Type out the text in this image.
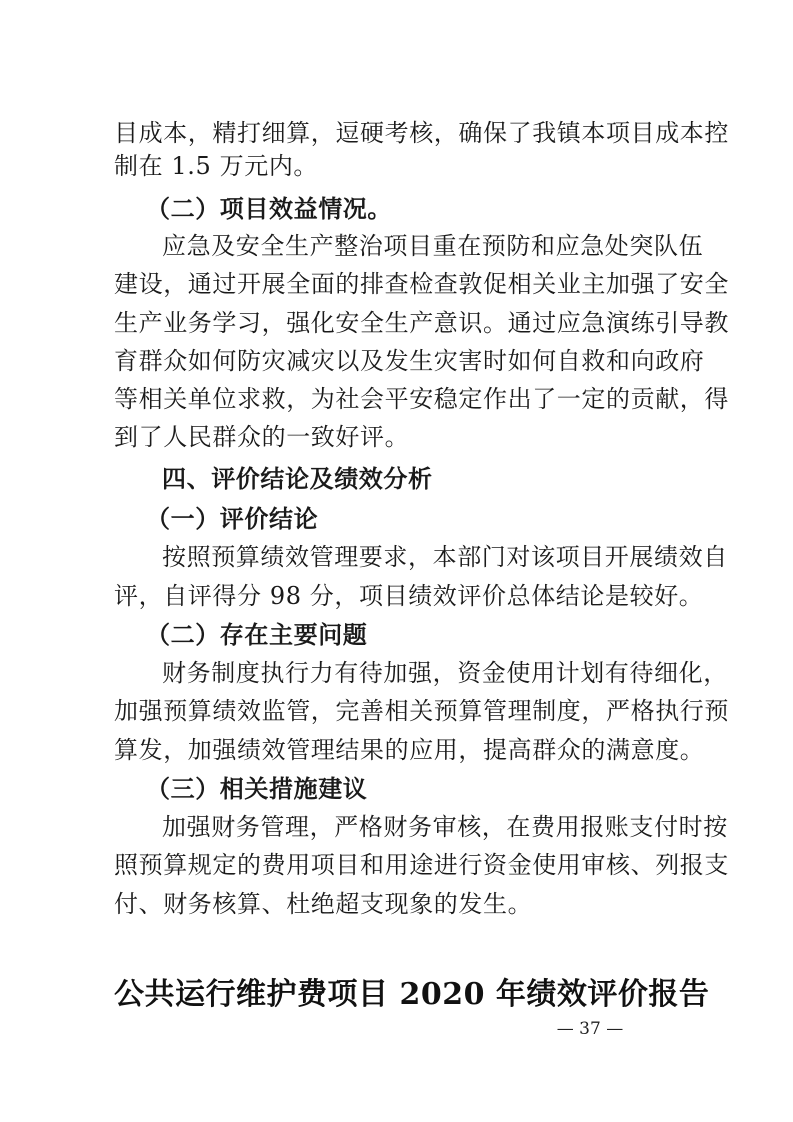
目成本，精打细算，逗硬考核，确保了我镇本项目成本控
制在 1.5 万元内。
（二）项目效益情况。
应急及安全生产整治项目重在预防和应急处突队伍
建设，通过开展全面的排查检查敦促相关业主加强了安全
生产业务学习，强化安全生产意识。通过应急演练引导教
育群众如何防灾减灾以及发生灾害时如何自救和向政府
等相关单位求救，为社会平安稳定作出了一定的贡献，得
到了人民群众的一致好评。
四、评价结论及绩效分析
（一）评价结论
按照预算绩效管理要求，本部门对该项目开展绩效自
评，自评得分 98 分，项目绩效评价总体结论是较好。
（二）存在主要问题
财务制度执行力有待加强，资金使用计划有待细化，
加强预算绩效监管，完善相关预算管理制度，严格执行预
算发，加强绩效管理结果的应用，提高群众的满意度。
（三）相关措施建议
加强财务管理，严格财务审核，在费用报账支付时按
照预算规定的费用项目和用途进行资金使用审核、列报支
付、财务核算、杜绝超支现象的发生。
公共运行维护费项目 2020 年绩效评价报告
— 37 —
